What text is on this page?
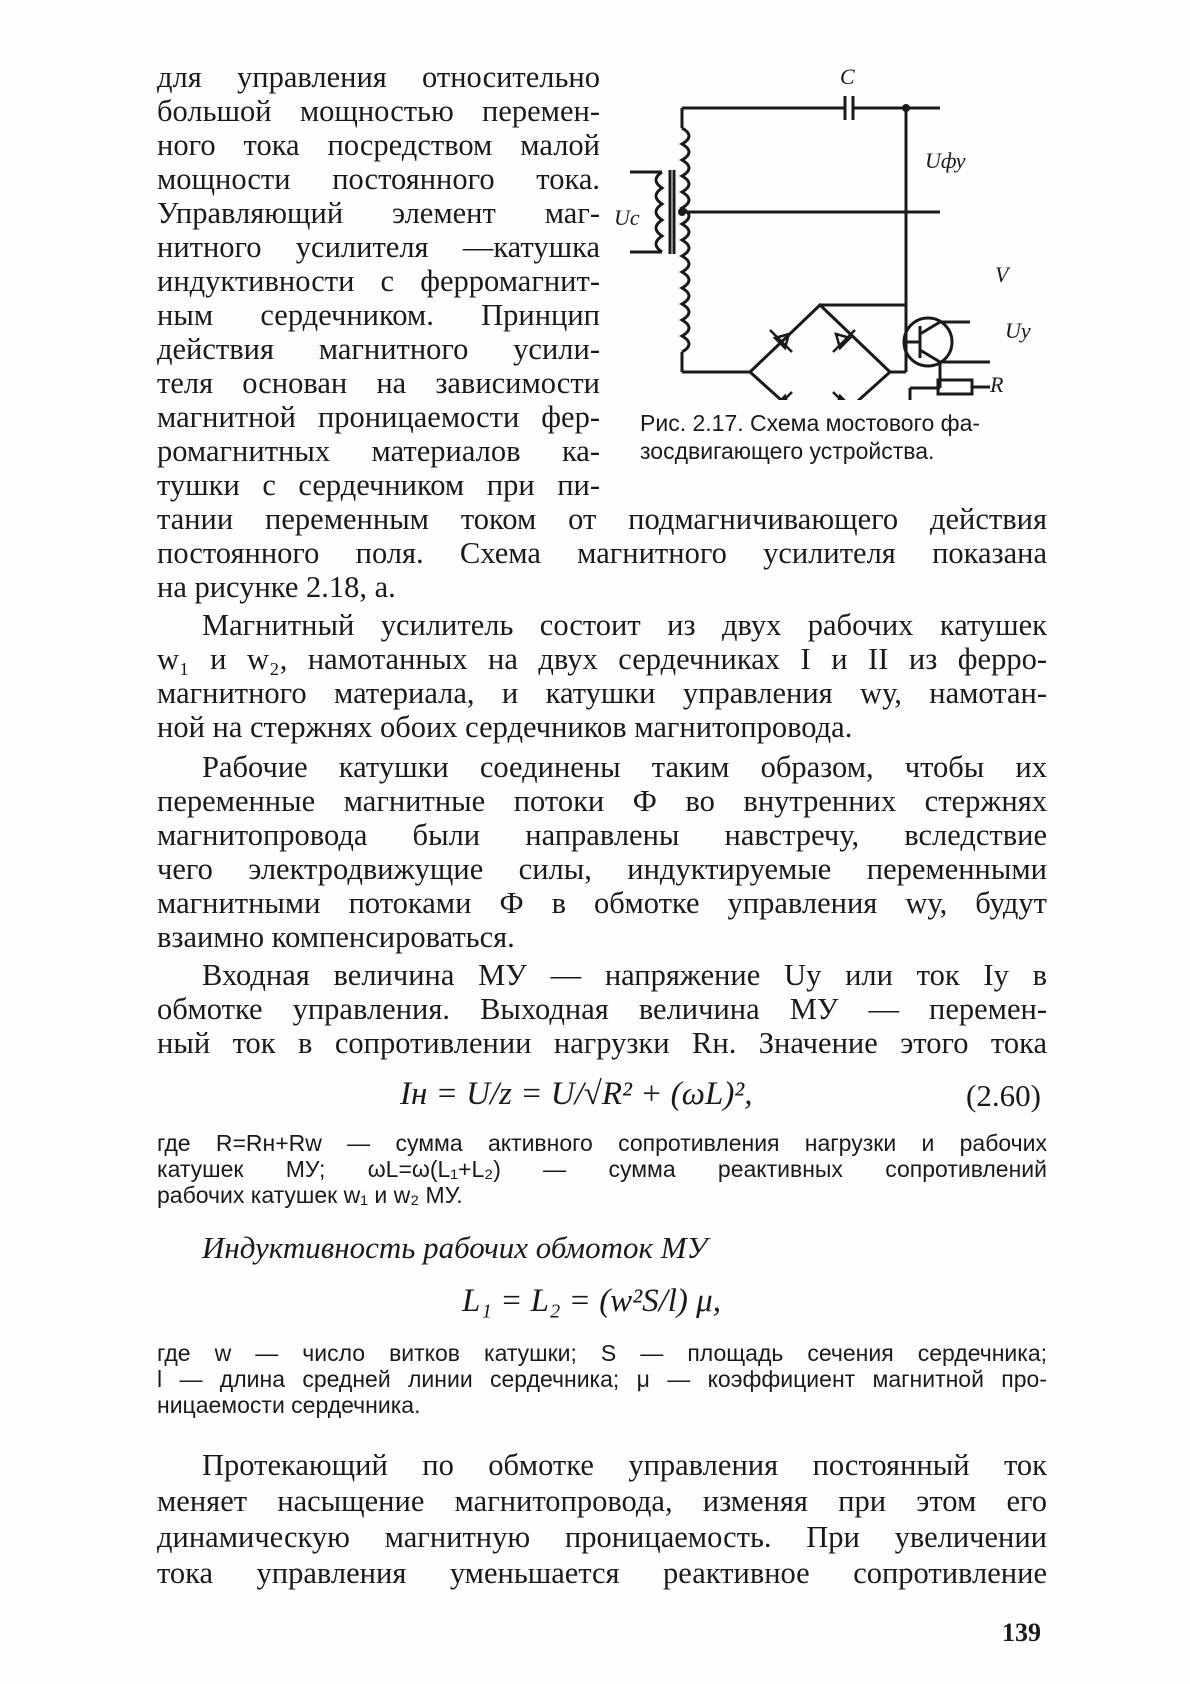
для управления относительно
большой мощностью перемен-
ного тока посредством малой
мощности постоянного тока.
Управляющий элемент маг-
нитного усилителя —катушка
индуктивности с ферромагнит-
ным сердечником. Принцип
действия магнитного усили-
теля основан на зависимости
магнитной проницаемости фер-
ромагнитных материалов ка-
тушки с сердечником при пи-
C
Uфу
Uc
V
Uу
R
Рис. 2.17. Схема мостового фа-
зосдвигающего устройства.
тании переменным током от подмагничивающего действия
постоянного поля. Схема магнитного усилителя показана
на рисунке 2.18, а.
Магнитный усилитель состоит из двух рабочих катушек
w₁ и w₂, намотанных на двух сердечниках I и II из ферро-
магнитного материала, и катушки управления wу, намотан-
ной на стержнях обоих сердечников магнитопровода.
Рабочие катушки соединены таким образом, чтобы их
переменные магнитные потоки Ф во внутренних стержнях
магнитопровода были направлены навстречу, вследствие
чего электродвижущие силы, индуктируемые переменными
магнитными потоками Ф в обмотке управления wу, будут
взаимно компенсироваться.
Входная величина МУ — напряжение Uу или ток Iу в
обмотке управления. Выходная величина МУ — перемен-
ный ток в сопротивлении нагрузки Rн. Значение этого тока
Iн = U/z = U/√R² + (ωL)²,	(2.60)
где R=Rн+Rw — сумма активного сопротивления нагрузки и рабочих
катушек МУ; ωL=ω(L₁+L₂) — сумма реактивных сопротивлений
рабочих катушек w₁ и w₂ МУ.
Индуктивность рабочих обмоток МУ
L₁ = L₂ = (w²S/l) μ,
где w — число витков катушки; S — площадь сечения сердечника;
l — длина средней линии сердечника; μ — коэффициент магнитной про-
ницаемости сердечника.
Протекающий по обмотке управления постоянный ток
меняет насыщение магнитопровода, изменяя при этом его
динамическую магнитную проницаемость. При увеличении
тока управления уменьшается реактивное сопротивление
139
